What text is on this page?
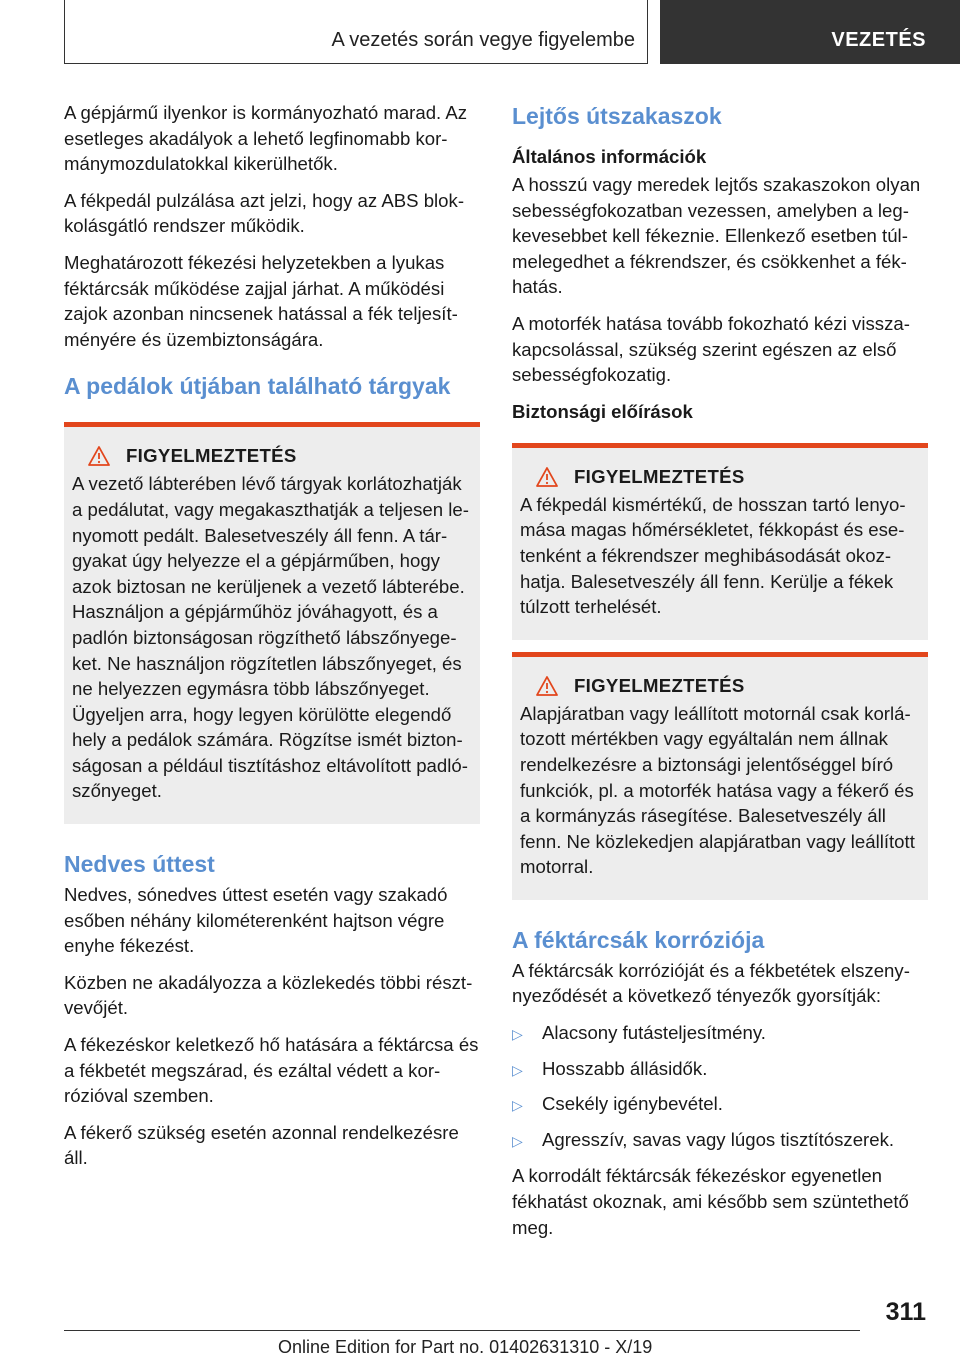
A vezetés során vegye figyelembe	VEZETÉS

A gépjármű ilyenkor is kormányozható marad. Az esetleges akadályok a lehető legfinomabb kormánymozdulatokkal kikerülhetők.

A fékpedál pulzálása azt jelzi, hogy az ABS blokkolásgátló rendszer működik.

Meghatározott fékezési helyzetekben a lyukas féktárcsák működése zajjal járhat. A működési zajok azonban nincsenek hatással a fék teljesítményére és üzembiztonságára.

A pedálok útjában található tárgyak
FIGYELMEZTETÉS

A vezető lábterében lévő tárgyak korlátozhatják a pedálutat, vagy megakaszthatják a teljesen lenyomott pedált. Balesetveszély áll fenn. A tárgyakat úgy helyezze el a gépjárműben, hogy azok biztosan ne kerüljenek a vezető lábterébe. Használjon a gépjárműhöz jóváhagyott, és a padlón biztonságosan rögzíthető lábszőnyegeket. Ne használjon rögzítetlen lábszőnyeget, és ne helyezzen egymásra több lábszőnyeget. Ügyeljen arra, hogy legyen körülötte elegendő hely a pedálok számára. Rögzítse ismét biztonságosan a például tisztításhoz eltávolított padlószőnyeget.

Nedves úttest

Nedves, sónedves úttest esetén vagy szakadó esőben néhány kilométerenként hajtson végre enyhe fékezést.

Közben ne akadályozza a közlekedés többi résztvevőjét.

A fékezéskor keletkező hő hatására a féktárcsa és a fékbetét megszárad, és ezáltal védett a korrózióval szemben.

A fékerő szükség esetén azonnal rendelkezésre áll.

Lejtős útszakaszok
Általános információk

A hosszú vagy meredek lejtős szakaszokon olyan sebességfokozatban vezessen, amelyben a legkevesebbet kell fékeznie. Ellenkező esetben túlmelegedhet a fékrendszer, és csökkenhet a fékhatás.

A motorfék hatása tovább fokozható kézi visszakapcsolással, szükség szerint egészen az első sebességfokozatig.

Biztonsági előírások
FIGYELMEZTETÉS

A fékpedál kismértékű, de hosszan tartó lenyomása magas hőmérsékletet, fékkopást és esetenként a fékrendszer meghibásodását okozhatja. Balesetveszély áll fenn. Kerülje a fékek túlzott terhelését.

FIGYELMEZTETÉS

Alapjáratban vagy leállított motornál csak korlátozott mértékben vagy egyáltalán nem állnak rendelkezésre a biztonsági jelentőséggel bíró funkciók, pl. a motorfék hatása vagy a fékerő és a kormányzás rásegítése. Balesetveszély áll fenn. Ne közlekedjen alapjáratban vagy leállított motorral.

A féktárcsák korróziója

A féktárcsák korrózióját és a fékbetétek elszenynyeződését a következő tényezők gyorsítják:

▷	Alacsony futásteljesítmény.
▷	Hosszabb állásidők.
▷	Csekély igénybevétel.
▷	Agresszív, savas vagy lúgos tisztítószerek.

A korrodált féktárcsák fékezéskor egyenetlen fékhatást okoznak, ami később sem szüntethető meg.

311
Online Edition for Part no. 01402631310 - X/19
